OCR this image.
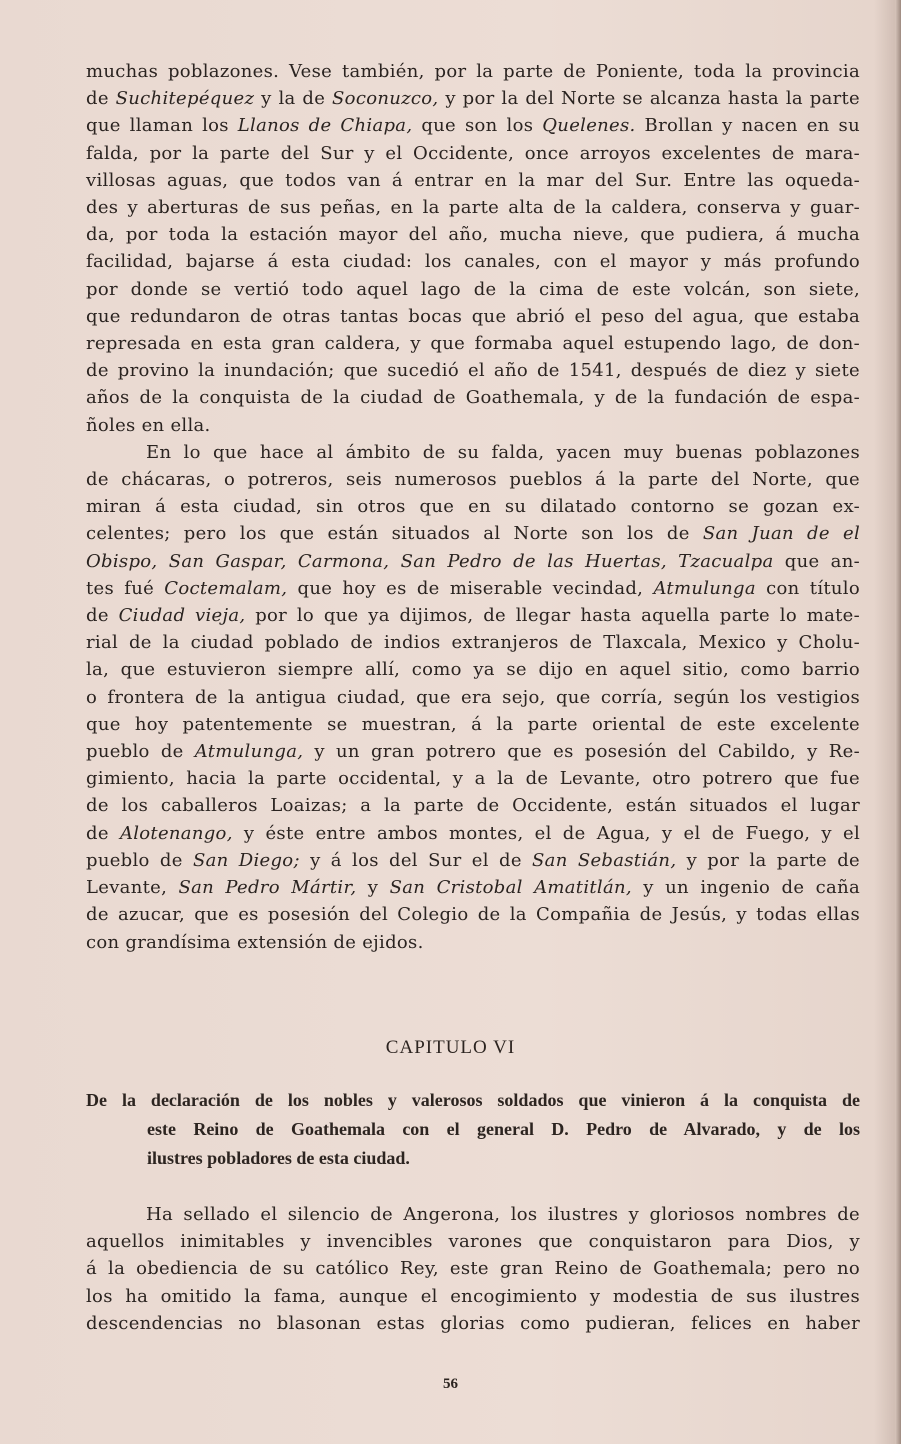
muchas poblazones. Vese también, por la parte de Poniente, toda la provincia
de Suchitepéquez y la de Soconuzco, y por la del Norte se alcanza hasta la parte
que llaman los Llanos de Chiapa, que son los Quelenes. Brollan y nacen en su
falda, por la parte del Sur y el Occidente, once arroyos excelentes de mara-
villosas aguas, que todos van á entrar en la mar del Sur. Entre las oqueda-
des y aberturas de sus peñas, en la parte alta de la caldera, conserva y guar-
da, por toda la estación mayor del año, mucha nieve, que pudiera, á mucha
facilidad, bajarse á esta ciudad: los canales, con el mayor y más profundo
por donde se vertió todo aquel lago de la cima de este volcán, son siete,
que redundaron de otras tantas bocas que abrió el peso del agua, que estaba
represada en esta gran caldera, y que formaba aquel estupendo lago, de don-
de provino la inundación; que sucedió el año de 1541, después de diez y siete
años de la conquista de la ciudad de Goathemala, y de la fundación de espa-
ñoles en ella.

En lo que hace al ámbito de su falda, yacen muy buenas poblazones
de chácaras, o potreros, seis numerosos pueblos á la parte del Norte, que
miran á esta ciudad, sin otros que en su dilatado contorno se gozan ex-
celentes; pero los que están situados al Norte son los de San Juan de el
Obispo, San Gaspar, Carmona, San Pedro de las Huertas, Tzacualpa que an-
tes fué Coctemalam, que hoy es de miserable vecindad, Atmulunga con título
de Ciudad vieja, por lo que ya dijimos, de llegar hasta aquella parte lo mate-
rial de la ciudad poblado de indios extranjeros de Tlaxcala, Mexico y Cholu-
la, que estuvieron siempre allí, como ya se dijo en aquel sitio, como barrio
o frontera de la antigua ciudad, que era sejo, que corría, según los vestigios
que hoy patentemente se muestran, á la parte oriental de este excelente
pueblo de Atmulunga, y un gran potrero que es posesión del Cabildo, y Re-
gimiento, hacia la parte occidental, y a la de Levante, otro potrero que fue
de los caballeros Loaizas; a la parte de Occidente, están situados el lugar
de Alotenango, y éste entre ambos montes, el de Agua, y el de Fuego, y el
pueblo de San Diego; y á los del Sur el de San Sebastián, y por la parte de
Levante, San Pedro Mártir, y San Cristobal Amatitlán, y un ingenio de caña
de azucar, que es posesión del Colegio de la Compañia de Jesús, y todas ellas
con grandísima extensión de ejidos.

CAPITULO VI
De la declaración de los nobles y valerosos soldados que vinieron á la conquista de
este Reino de Goathemala con el general D. Pedro de Alvarado, y de los
ilustres pobladores de esta ciudad.
Ha sellado el silencio de Angerona, los ilustres y gloriosos nombres de
aquellos inimitables y invencibles varones que conquistaron para Dios, y
á la obediencia de su católico Rey, este gran Reino de Goathemala; pero no
los ha omitido la fama, aunque el encogimiento y modestia de sus ilustres
descendencias no blasonan estas glorias como pudieran, felices en haber
56
